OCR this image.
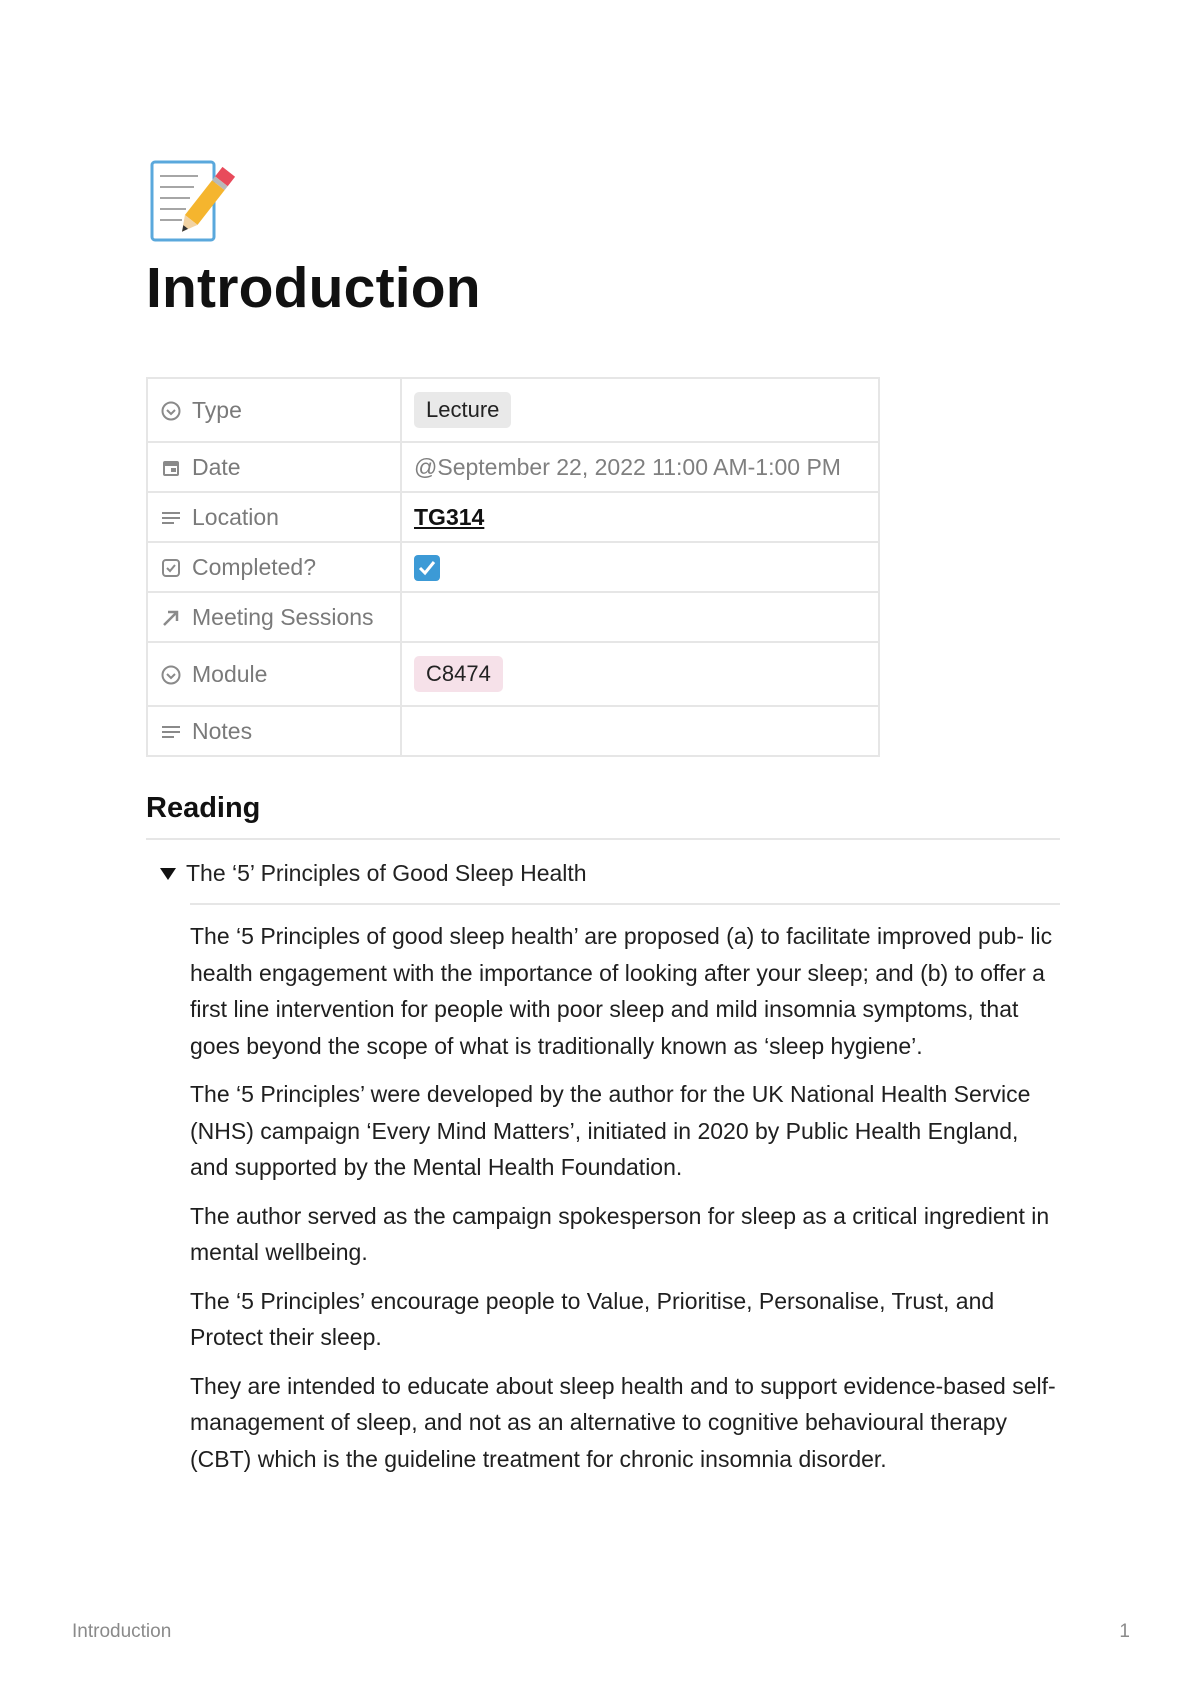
Introduction
Type	Lecture
Date	@September 22, 2022 11:00 AM-1:00 PM
Location	TG314
Completed?	

Meeting Sessions	
Module	C8474
Notes	
Reading
The ‘5’ Principles of Good Sleep Health

The ‘5 Principles of good sleep health’ are proposed (a) to facilitate improved pub- lic health engagement with the importance of looking after your sleep; and (b) to offer a first line intervention for people with poor sleep and mild insomnia symptoms, that goes beyond the scope of what is traditionally known as ‘sleep hygiene’.

The ‘5 Principles’ were developed by the author for the UK National Health Service (NHS) campaign ‘Every Mind Matters’, initiated in 2020 by Public Health England, and supported by the Mental Health Foundation.

The author served as the campaign spokesperson for sleep as a critical ingredient in mental wellbeing.

The ‘5 Principles’ encourage people to Value, Prioritise, Personalise, Trust, and Protect their sleep.

They are intended to educate about sleep health and to support evidence-based self-management of sleep, and not as an alternative to cognitive behavioural therapy (CBT) which is the guideline treatment for chronic insomnia disorder.

Introduction	1
